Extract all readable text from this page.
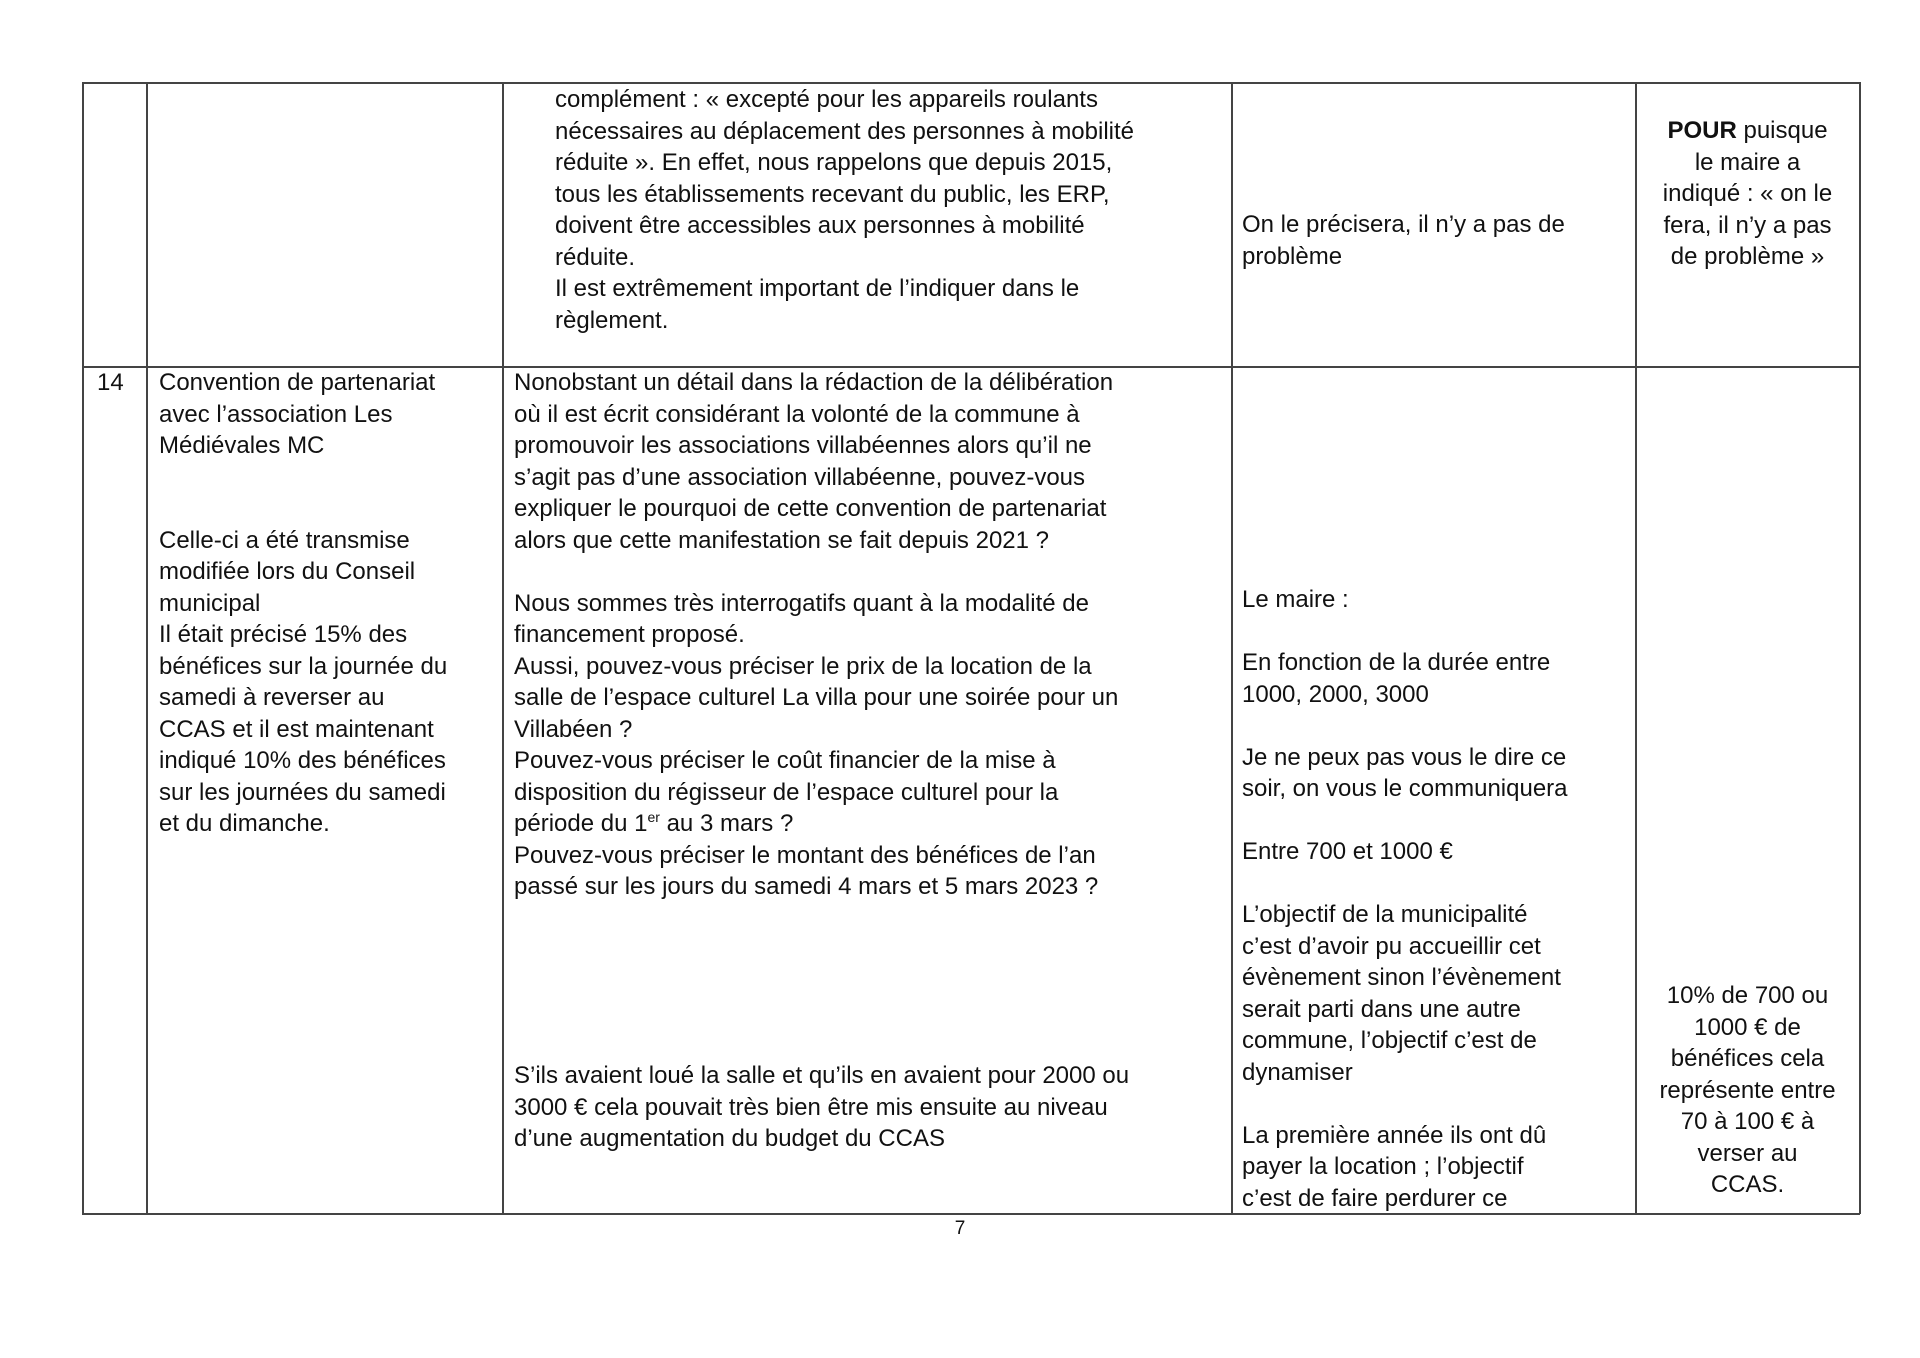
complément : « excepté pour les appareils roulants
nécessaires au déplacement des personnes à mobilité
réduite ». En effet, nous rappelons que depuis 2015,
tous les établissements recevant du public, les ERP,
doivent être accessibles aux personnes à mobilité
réduite.
Il est extrêmement important de l’indiquer dans le
règlement.
On le précisera, il n’y a pas de
problème
POUR puisque
le maire a
indiqué : « on le
fera, il n’y a pas
de problème »
14 Convention de partenariat
avec l’association Les
Médiévales MC
Celle-ci a été transmise
modifiée lors du Conseil
municipal
Il était précisé 15% des
bénéfices sur la journée du
samedi à reverser au
CCAS et il est maintenant
indiqué 10% des bénéfices
sur les journées du samedi
et du dimanche.
Nonobstant un détail dans la rédaction de la délibération
où il est écrit considérant la volonté de la commune à
promouvoir les associations villabéennes alors qu’il ne
s’agit pas d’une association villabéenne, pouvez-vous
expliquer le pourquoi de cette convention de partenariat
alors que cette manifestation se fait depuis 2021 ?
Nous sommes très interrogatifs quant à la modalité de
financement proposé.
Aussi, pouvez-vous préciser le prix de la location de la
salle de l’espace culturel La villa pour une soirée pour un
Villabéen ?
Pouvez-vous préciser le coût financier de la mise à
disposition du régisseur de l’espace culturel pour la
période du 1er au 3 mars ?
Pouvez-vous préciser le montant des bénéfices de l’an
passé sur les jours du samedi 4 mars et 5 mars 2023 ?
S’ils avaient loué la salle et qu’ils en avaient pour 2000 ou
3000 € cela pouvait très bien être mis ensuite au niveau
d’une augmentation du budget du CCAS
Le maire :
En fonction de la durée entre
1000, 2000, 3000
Je ne peux pas vous le dire ce
soir, on vous le communiquera
Entre 700 et 1000 €
L’objectif de la municipalité
c’est d’avoir pu accueillir cet
évènement sinon l’évènement
serait parti dans une autre
commune, l’objectif c’est de
dynamiser
La première année ils ont dû
payer la location ; l’objectif
c’est de faire perdurer ce
10% de 700 ou
1000 € de
bénéfices cela
représente entre
70 à 100 € à
verser au
CCAS.
7
